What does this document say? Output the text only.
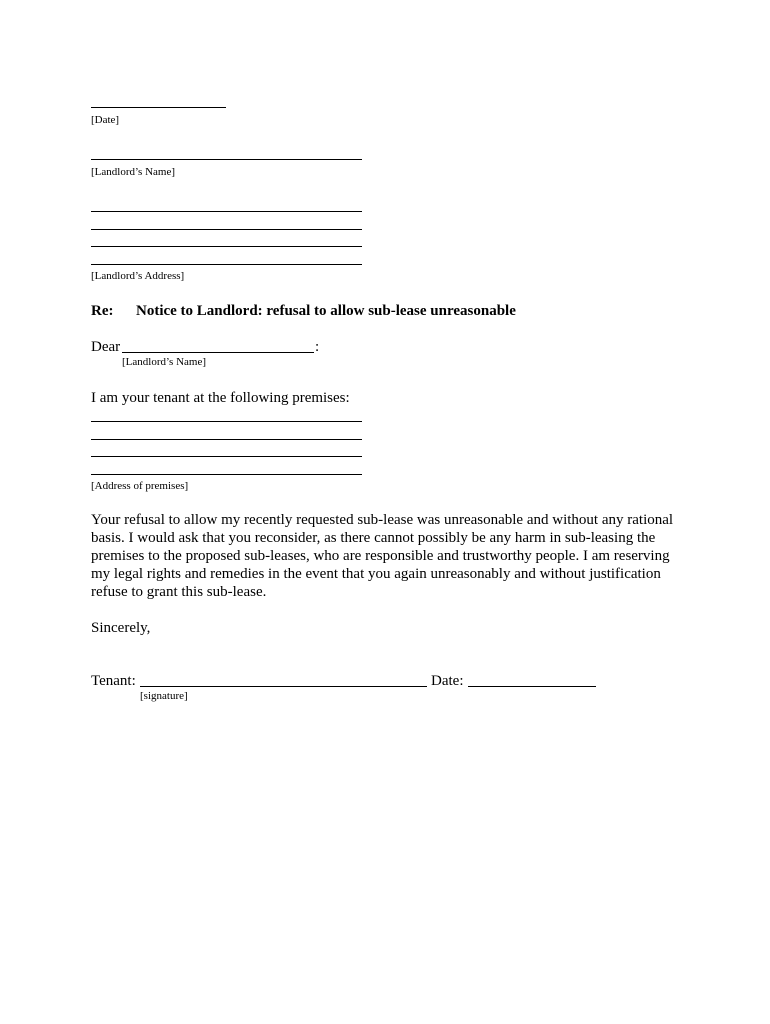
[Date]
[Landlord’s Name]
[Landlord’s Address]
Re: Notice to Landlord: refusal to allow sub-lease unreasonable
Dear	:
[Landlord’s Name]
I am your tenant at the following premises:
[Address of premises]
Your refusal to allow my recently requested sub-lease was unreasonable and without any rational
basis. I would ask that you reconsider, as there cannot possibly be any harm in sub-leasing the
premises to the proposed sub-leases, who are responsible and trustworthy people. I am reserving
my legal rights and remedies in the event that you again unreasonably and without justification
refuse to grant this sub-lease.
Sincerely,
Tenant:	Date:
[signature]
